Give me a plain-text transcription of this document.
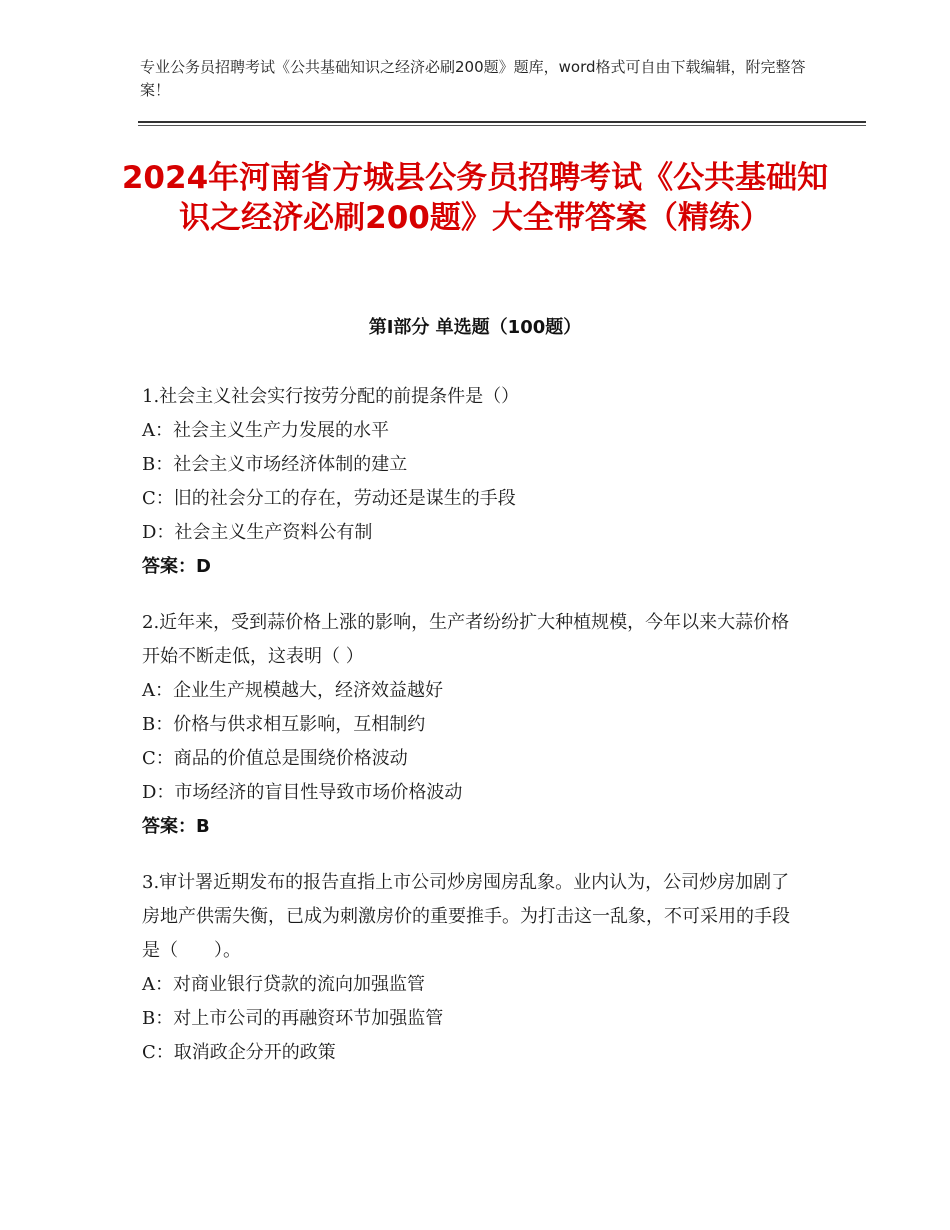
专业公务员招聘考试《公共基础知识之经济必刷200题》题库，word格式可自由下载编辑，附完整答案！
2024年河南省方城县公务员招聘考试《公共基础知识之经济必刷200题》大全带答案（精练）
第Ⅰ部分 单选题（100题）

1.社会主义社会实行按劳分配的前提条件是（）

A：社会主义生产力发展的水平

B：社会主义市场经济体制的建立

C：旧的社会分工的存在，劳动还是谋生的手段

D：社会主义生产资料公有制

答案：D

2.近年来，受到蒜价格上涨的影响，生产者纷纷扩大种植规模，今年以来大蒜价格开始不断走低，这表明（ ）

A：企业生产规模越大，经济效益越好

B：价格与供求相互影响，互相制约

C：商品的价值总是围绕价格波动

D：市场经济的盲目性导致市场价格波动

答案：B

3.审计署近期发布的报告直指上市公司炒房囤房乱象。业内认为，公司炒房加剧了房地产供需失衡，已成为刺激房价的重要推手。为打击这一乱象，不可采用的手段是（　　）。

A：对商业银行贷款的流向加强监管

B：对上市公司的再融资环节加强监管

C：取消政企分开的政策
